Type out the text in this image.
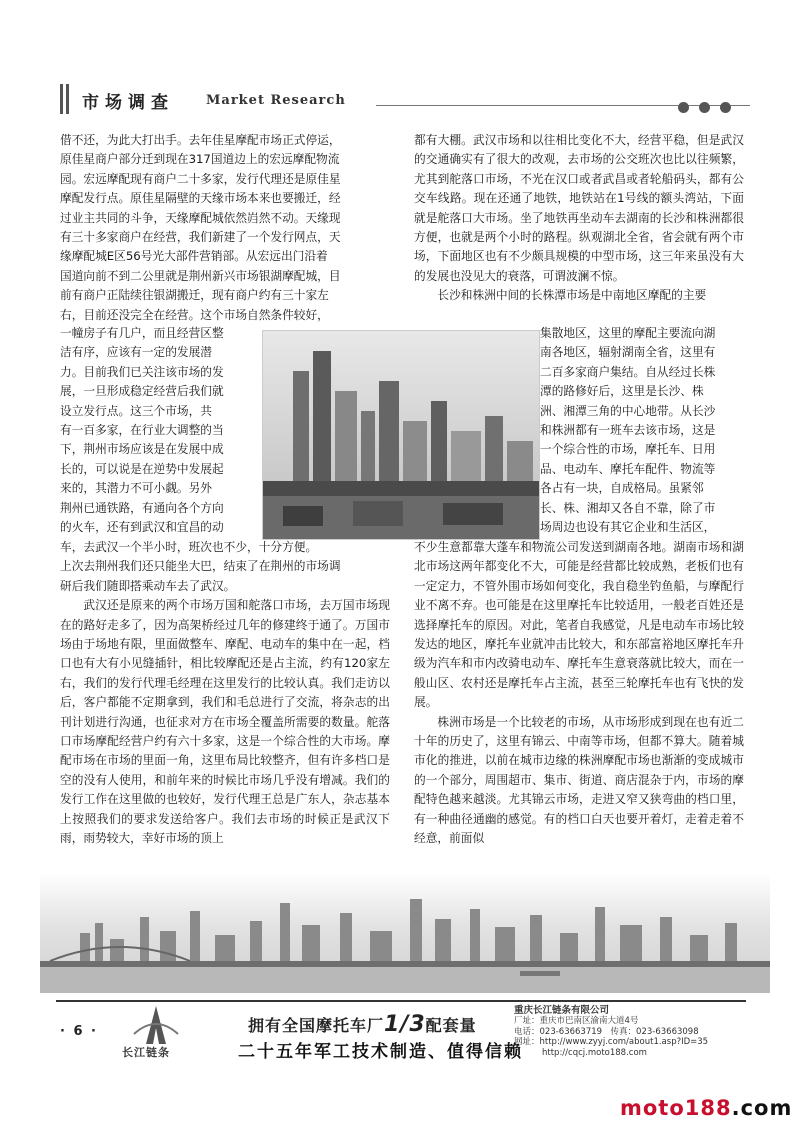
市场调查 Market Research

借不还，为此大打出手。去年佳星摩配市场正式停运，

原佳星商户部分迁到现在317国道边上的宏远摩配物流

园。宏远摩配现有商户二十多家，发行代理还是原佳星

摩配发行点。原佳星隔壁的天缘市场本来也要搬迁，经

过业主共同的斗争，天缘摩配城依然岿然不动。天缘现

有三十多家商户在经营，我们新建了一个发行网点，天

缘摩配城E区56号光大部件营销部。从宏远出门沿着

国道向前不到二公里就是荆州新兴市场银湖摩配城，目

前有商户正陆续往银湖搬迁，现有商户约有三十家左

右，目前还没完全在经营。这个市场自然条件较好，

一幢房子有几户，而且经营区整

洁有序，应该有一定的发展潜

力。目前我们已关注该市场的发

展，一旦形成稳定经营后我们就

设立发行点。这三个市场，共

有一百多家，在行业大调整的当

下，荆州市场应该是在发展中成

长的，可以说是在逆势中发展起

来的，其潜力不可小觑。另外

荆州已通铁路，有通向各个方向

的火车，还有到武汉和宜昌的动

车，去武汉一个半小时，班次也不少，十分方便。

上次去荆州我们还只能坐大巴，结束了在荆州的市场调

研后我们随即搭乘动车去了武汉。

武汉还是原来的两个市场万国和舵落口市场，去万国市场现在的路好走多了，因为高架桥经过几年的修建终于通了。万国市场由于场地有限，里面做整车、摩配、电动车的集中在一起，档口也有大有小见缝插针，相比较摩配还是占主流，约有120家左右，我们的发行代理毛经理在这里发行的比较认真。我们走访以后，客户都能不定期拿到，我们和毛总进行了交流，将杂志的出刊计划进行沟通，也征求对方在市场全覆盖所需要的数量。舵落口市场摩配经营户约有六十多家，这是一个综合性的大市场。摩配市场在市场的里面一角，这里布局比较整齐，但有许多档口是空的没有人使用，和前年来的时候比市场几乎没有增减。我们的发行工作在这里做的也较好，发行代理王总是广东人，杂志基本上按照我们的要求发送给客户。我们去市场的时候正是武汉下雨，雨势较大，幸好市场的顶上

都有大棚。武汉市场和以往相比变化不大，经营平稳，但是武汉的交通确实有了很大的改观，去市场的公交班次也比以往频繁，尤其到舵落口市场，不光在汉口或者武昌或者轮船码头，都有公交车线路。现在还通了地铁，地铁站在1号线的额头湾站，下面就是舵落口大市场。坐了地铁再坐动车去湖南的长沙和株洲都很方便，也就是两个小时的路程。纵观湖北全省，省会就有两个市场，下面地区也有不少颇具规模的中型市场，这三年来虽没有大的发展也没见大的衰落，可谓波澜不惊。

长沙和株洲中间的长株潭市场是中南地区摩配的主要

集散地区，这里的摩配主要流向湖

南各地区，辐射湖南全省，这里有

二百多家商户集结。自从经过长株

潭的路修好后，这里是长沙、株

洲、湘潭三角的中心地带。从长沙

和株洲都有一班车去该市场，这是

一个综合性的市场，摩托车、日用

品、电动车、摩托车配件、物流等

各占有一块，自成格局。虽紧邻

长、株、湘却又各自不靠，除了市

场周边也设有其它企业和生活区，

不少生意都靠大蓬车和物流公司发送到湖南各地。湖南市场和湖北市场这两年都变化不大，可能是经营都比较成熟，老板们也有一定定力，不管外围市场如何变化，我自稳坐钓鱼船，与摩配行业不离不弃。也可能是在这里摩托车比较适用，一般老百姓还是选择摩托车的原因。对此，笔者自我感觉，凡是电动车市场比较发达的地区，摩托车业就冲击比较大，和东部富裕地区摩托车升级为汽车和市内改骑电动车、摩托车生意衰落就比较大，而在一般山区、农村还是摩托车占主流，甚至三轮摩托车也有飞快的发展。

株洲市场是一个比较老的市场，从市场形成到现在也有近二十年的历史了，这里有锦云、中南等市场，但都不算大。随着城市化的推进，以前在城市边缘的株洲摩配市场也渐渐的变成城市的一个部分，周围超市、集市、街道、商店混杂于内，市场的摩配特色越来越淡。尤其锦云市场，走进又窄又狭弯曲的档口里，有一种曲径通幽的感觉。有的档口白天也要开着灯，走着走着不经意，前面似

· 6 ·
长江链条
拥有全国摩托车厂1/3配套量
二十五年军工技术制造、值得信赖
重庆长江链条有限公司
厂址：重庆市巴南区渝南大道4号
电话：023-63663719　传真：023-63663098
网址：http://www.zyyj.com/about1.asp?ID=35
http://cqcj.moto188.com
moto188.com
